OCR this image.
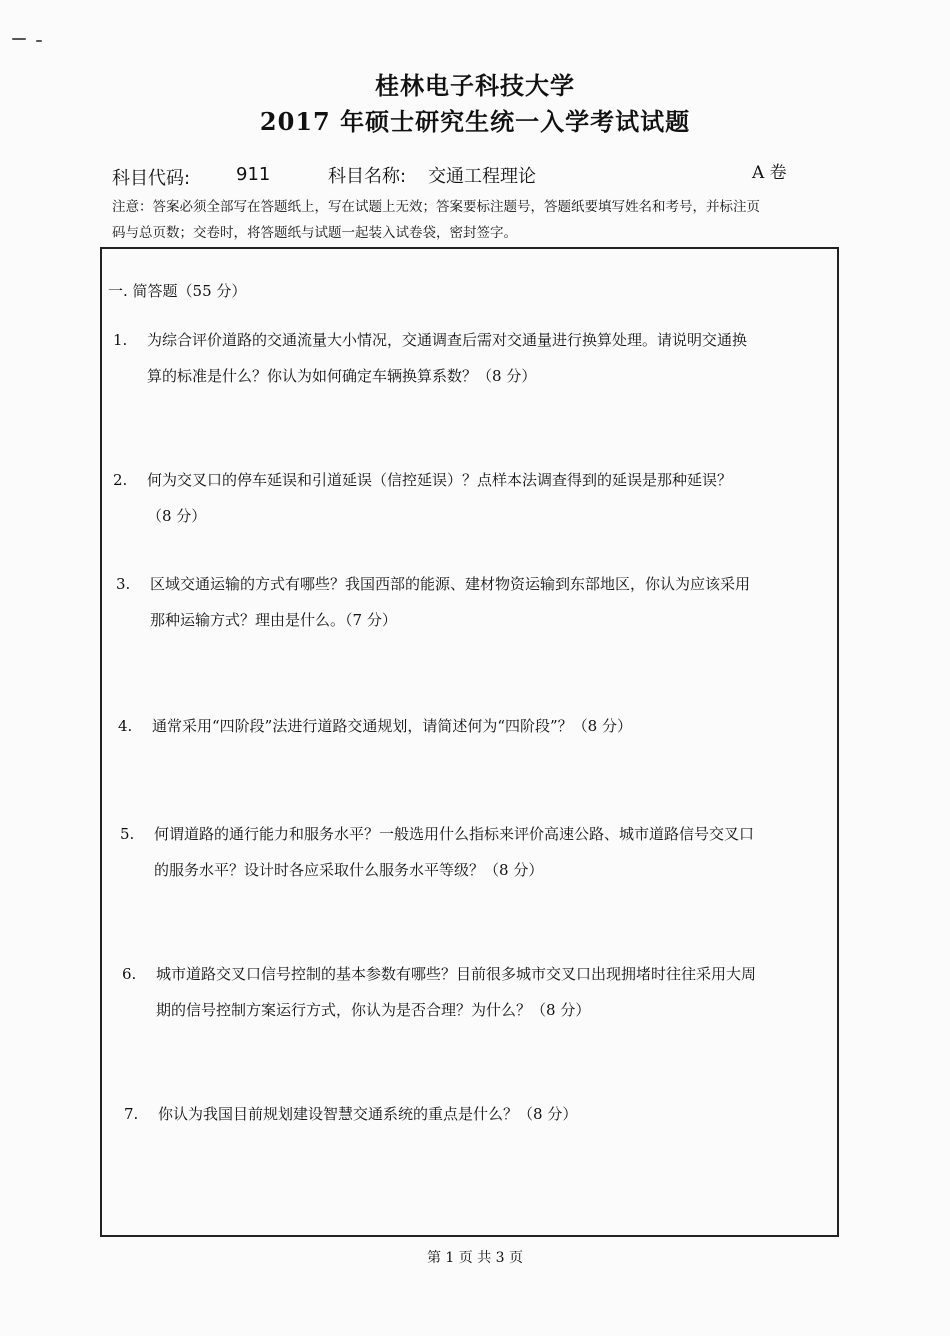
桂林电子科技大学
2017 年硕士研究生统一入学考试试题
科目代码:	911	科目名称: 交通工程理论	A 卷
注意：答案必须全部写在答题纸上，写在试题上无效；答案要标注题号，答题纸要填写姓名和考号，并标注页
码与总页数；交卷时，将答题纸与试题一起装入试卷袋，密封签字。
一. 简答题（55 分）
1.	为综合评价道路的交通流量大小情况，交通调查后需对交通量进行换算处理。请说明交通换
算的标准是什么？你认为如何确定车辆换算系数？（8 分）
2.	何为交叉口的停车延误和引道延误（信控延误）？点样本法调查得到的延误是那种延误？
（8 分）
3.	区域交通运输的方式有哪些？我国西部的能源、建材物资运输到东部地区，你认为应该采用
那种运输方式？理由是什么。（7 分）
4.	通常采用“四阶段”法进行道路交通规划，请简述何为“四阶段”？（8 分）
5.	何谓道路的通行能力和服务水平？一般选用什么指标来评价高速公路、城市道路信号交叉口
的服务水平？设计时各应采取什么服务水平等级？（8 分）
6.	城市道路交叉口信号控制的基本参数有哪些？目前很多城市交叉口出现拥堵时往往采用大周
期的信号控制方案运行方式，你认为是否合理？为什么？（8 分）
7.	你认为我国目前规划建设智慧交通系统的重点是什么？（8 分）
第 1 页 共 3 页
